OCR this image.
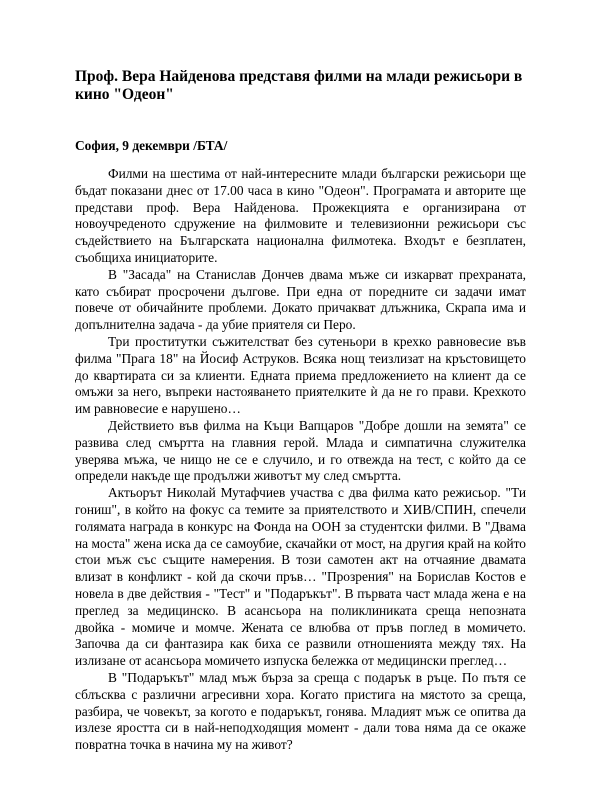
Проф. Вера Найденова представя филми на млади режисьори в кино "Одеон"
София, 9 декември /БТА/

Филми на шестима от най-интересните млади български режисьори ще бъдат показани днес от 17.00 часа в кино "Одеон". Програмата и авторите ще представи проф. Вера Найденова. Прожекцията е организирана от новоучреденото сдружение на филмовите и телевизионни режисьори със съдействието на Българската национална филмотека. Входът е безплатен, съобщиха инициаторите.

В "Засада" на Станислав Дончев двама мъже си изкарват прехраната, като събират просрочени дългове. При една от поредните си задачи имат повече от обичайните проблеми. Докато причакват длъжника, Скрапа има и допълнителна задача - да убие приятеля си Перо.

Три проститутки съжителстват без сутеньори в крехко равновесие във филма "Прага 18" на Йосиф Аструков. Всяка нощ теизлизат на кръстовището до квартирата си за клиенти. Едната приема предложението на клиент да се омъжи за него, въпреки настояването приятелките ѝ да не го прави. Крехкото им равновесие е нарушено…

Действието във филма на Къци Вапцаров "Добре дошли на земята" се развива след смъртта на главния герой. Млада и симпатична служителка уверява мъжа, че нищо не се е случило, и го отвежда на тест, с който да се определи накъде ще продължи животът му след смъртта.

Актьорът Николай Мутафчиев участва с два филма като режисьор. "Ти гониш", в който на фокус са темите за приятелството и ХИВ/СПИН, спечели голямата награда в конкурс на Фонда на ООН за студентски филми. В "Двама на моста" жена иска да се самоубие, скачайки от мост, на другия край на който стои мъж със същите намерения. В този самотен акт на отчаяние двамата влизат в конфликт - кой да скочи пръв… "Прозрения" на Борислав Костов е новела в две действия - "Тест" и "Подаръкът". В първата част млада жена е на преглед за медицинско. В асансьора на поликлиниката среща непозната двойка - момиче и момче. Жената се влюбва от пръв поглед в момичето. Започва да си фантазира как биха се развили отношенията между тях. На излизане от асансьора момичето изпуска бележка от медицински преглед…

В "Подаръкът" млад мъж бърза за среща с подарък в ръце. По пътя се сблъсква с различни агресивни хора. Когато пристига на мястото за среща, разбира, че човекът, за когото е подаръкът, гонява. Младият мъж се опитва да излезе яростта си в най-неподходящия момент - дали това няма да се окаже повратна точка в начина му на живот?
